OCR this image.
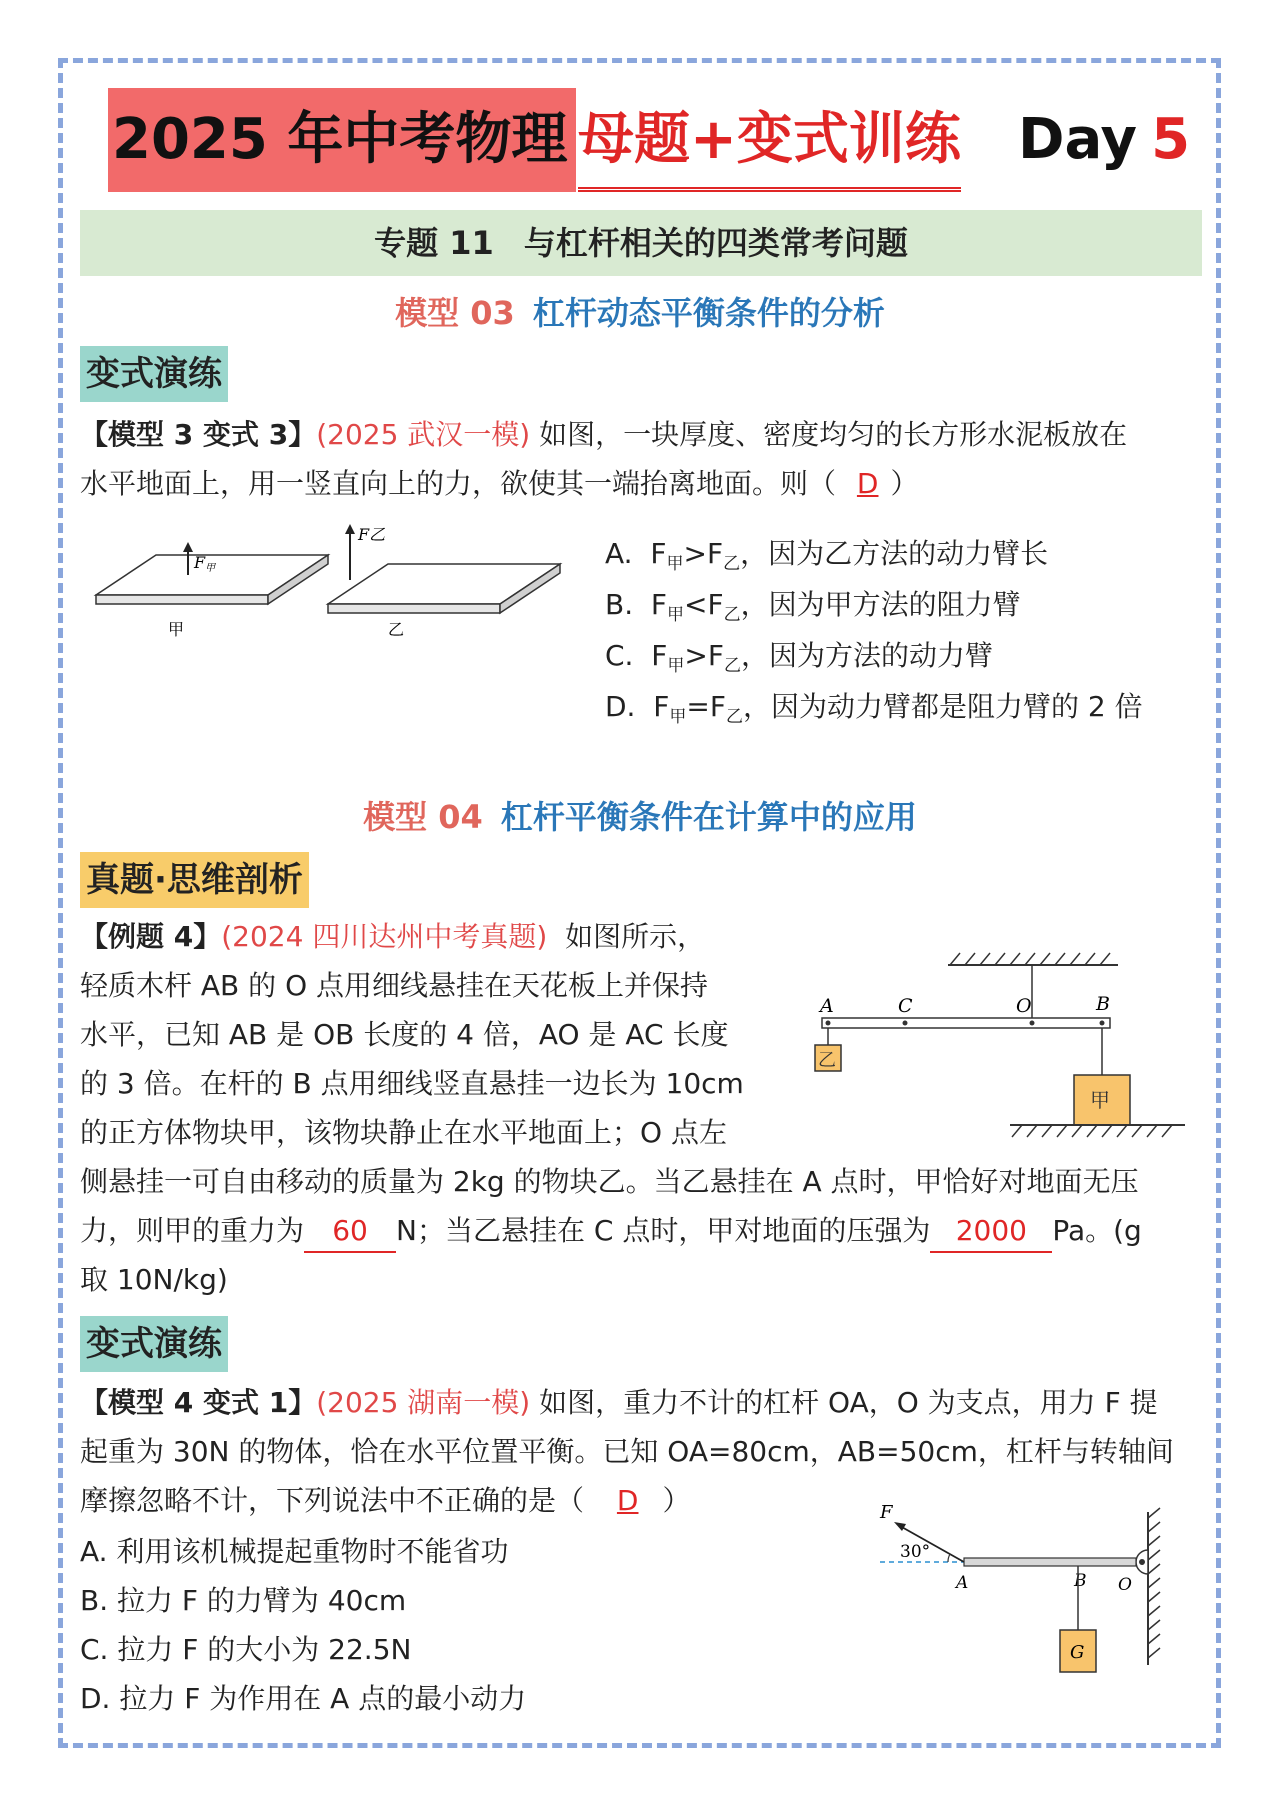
2025 年中考物理 母题+变式训练 Day 5
专题 11 与杠杆相关的四类常考问题
模型 03 杠杆动态平衡条件的分析
变式演练
【模型 3 变式 3】(2025 武汉一模) 如图，一块厚度、密度均匀的长方形水泥板放在
水平地面上，用一竖直向上的力，欲使其一端抬离地面。则（ D ）
F甲
甲
F乙
乙
A. $F_甲>F_乙$，因为乙方法的动力臂长
B. $F_甲<F_乙$，因为甲方法的阻力臂
C. $F_甲>F_乙$，因为方法的动力臂
D. $F_甲=F_乙$，因为动力臂都是阻力臂的 2 倍
模型 04 杠杆平衡条件在计算中的应用
真题·思维剖析
【例题 4】(2024 四川达州中考真题) 如图所示，
轻质木杆 AB 的 O 点用细线悬挂在天花板上并保持
水平，已知 AB 是 OB 长度的 4 倍，AO 是 AC 长度
的 3 倍。在杆的 B 点用细线竖直悬挂一边长为 10cm
的正方体物块甲，该物块静止在水平地面上；O 点左
侧悬挂一可自由移动的质量为 2kg 的物块乙。当乙悬挂在 A 点时，甲恰好对地面无压
力，则甲的重力为 60 N；当乙悬挂在 C 点时，甲对地面的压强为 2000 Pa。(g
取 10N/kg)
A	C	O	B
乙
甲
变式演练
【模型 4 变式 1】(2025 湖南一模) 如图，重力不计的杠杆 OA，O 为支点，用力 F 提
起重为 30N 的物体，恰在水平位置平衡。已知 OA=80cm，AB=50cm，杠杆与转轴间
摩擦忽略不计，下列说法中不正确的是（ D ）
A. 利用该机械提起重物时不能省功
B. 拉力 F 的力臂为 40cm
C. 拉力 F 的大小为 22.5N
D. 拉力 F 为作用在 A 点的最小动力
F
30°
A	B O
G
